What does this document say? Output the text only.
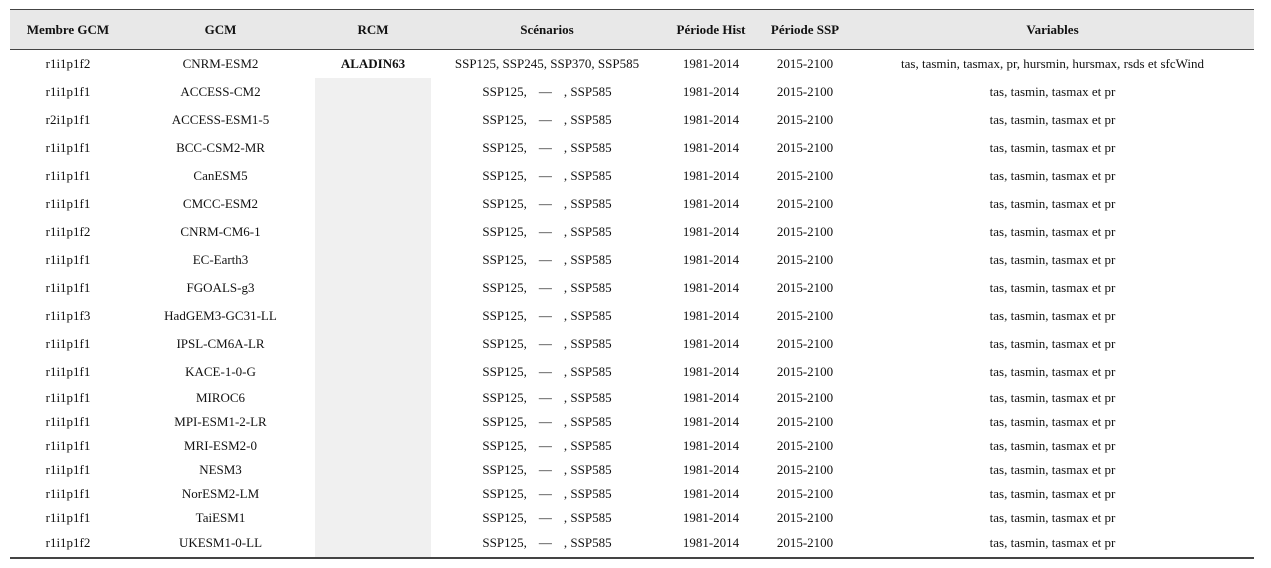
Membre GCM	GCM	RCM	Scénarios	Période Hist	Période SSP	Variables
r1i1p1f2	CNRM-ESM2	ALADIN63	SSP125, SSP245, SSP370, SSP585	1981-2014	2015-2100	tas, tasmin, tasmax, pr, hursmin, hursmax, rsds et sfcWind
r1i1p1f1	ACCESS-CM2		SSP125, — , SSP585	1981-2014	2015-2100	tas, tasmin, tasmax et pr
r2i1p1f1	ACCESS-ESM1-5		SSP125, — , SSP585	1981-2014	2015-2100	tas, tasmin, tasmax et pr
r1i1p1f1	BCC-CSM2-MR		SSP125, — , SSP585	1981-2014	2015-2100	tas, tasmin, tasmax et pr
r1i1p1f1	CanESM5		SSP125, — , SSP585	1981-2014	2015-2100	tas, tasmin, tasmax et pr
r1i1p1f1	CMCC-ESM2		SSP125, — , SSP585	1981-2014	2015-2100	tas, tasmin, tasmax et pr
r1i1p1f2	CNRM-CM6-1		SSP125, — , SSP585	1981-2014	2015-2100	tas, tasmin, tasmax et pr
r1i1p1f1	EC-Earth3		SSP125, — , SSP585	1981-2014	2015-2100	tas, tasmin, tasmax et pr
r1i1p1f1	FGOALS-g3		SSP125, — , SSP585	1981-2014	2015-2100	tas, tasmin, tasmax et pr
r1i1p1f3	HadGEM3-GC31-LL		SSP125, — , SSP585	1981-2014	2015-2100	tas, tasmin, tasmax et pr
r1i1p1f1	IPSL-CM6A-LR		SSP125, — , SSP585	1981-2014	2015-2100	tas, tasmin, tasmax et pr
r1i1p1f1	KACE-1-0-G		SSP125, — , SSP585	1981-2014	2015-2100	tas, tasmin, tasmax et pr
r1i1p1f1	MIROC6		SSP125, — , SSP585	1981-2014	2015-2100	tas, tasmin, tasmax et pr
r1i1p1f1	MPI-ESM1-2-LR		SSP125, — , SSP585	1981-2014	2015-2100	tas, tasmin, tasmax et pr
r1i1p1f1	MRI-ESM2-0		SSP125, — , SSP585	1981-2014	2015-2100	tas, tasmin, tasmax et pr
r1i1p1f1	NESM3		SSP125, — , SSP585	1981-2014	2015-2100	tas, tasmin, tasmax et pr
r1i1p1f1	NorESM2-LM		SSP125, — , SSP585	1981-2014	2015-2100	tas, tasmin, tasmax et pr
r1i1p1f1	TaiESM1		SSP125, — , SSP585	1981-2014	2015-2100	tas, tasmin, tasmax et pr
r1i1p1f2	UKESM1-0-LL		SSP125, — , SSP585	1981-2014	2015-2100	tas, tasmin, tasmax et pr
